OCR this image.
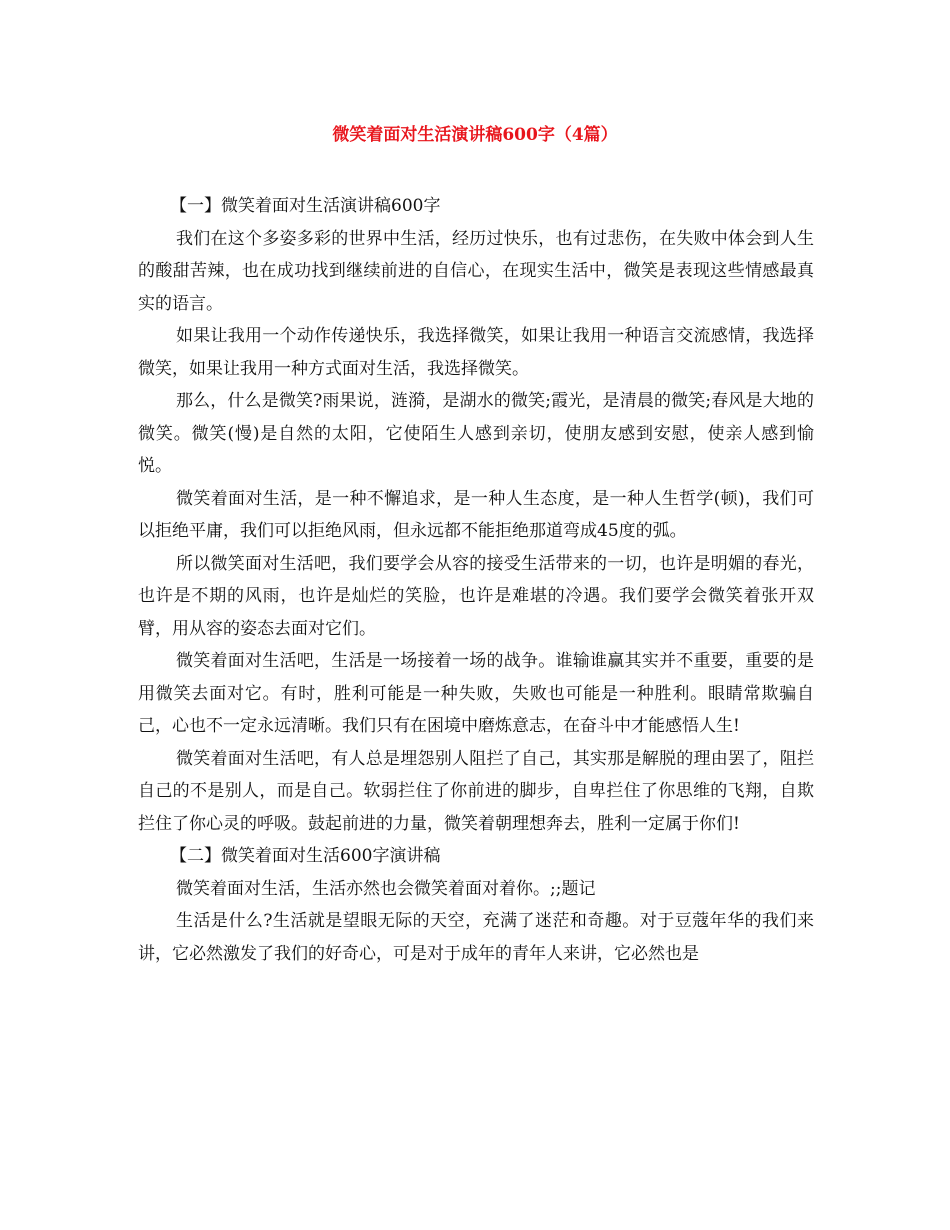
微笑着面对生活演讲稿600字（4篇）

【一】微笑着面对生活演讲稿600字

我们在这个多姿多彩的世界中生活，经历过快乐，也有过悲伤，在失败中体会到人生的酸甜苦辣，也在成功找到继续前进的自信心，在现实生活中，微笑是表现这些情感最真实的语言。

如果让我用一个动作传递快乐，我选择微笑，如果让我用一种语言交流感情，我选择微笑，如果让我用一种方式面对生活，我选择微笑。

那么，什么是微笑?雨果说，涟漪，是湖水的微笑;霞光，是清晨的微笑;春风是大地的微笑。微笑(慢)是自然的太阳，它使陌生人感到亲切，使朋友感到安慰，使亲人感到愉悦。

微笑着面对生活，是一种不懈追求，是一种人生态度，是一种人生哲学(顿)，我们可以拒绝平庸，我们可以拒绝风雨，但永远都不能拒绝那道弯成45度的弧。

所以微笑面对生活吧，我们要学会从容的接受生活带来的一切，也许是明媚的春光，也许是不期的风雨，也许是灿烂的笑脸，也许是难堪的冷遇。我们要学会微笑着张开双臂，用从容的姿态去面对它们。

微笑着面对生活吧，生活是一场接着一场的战争。谁输谁赢其实并不重要，重要的是用微笑去面对它。有时，胜利可能是一种失败，失败也可能是一种胜利。眼睛常欺骗自己，心也不一定永远清晰。我们只有在困境中磨炼意志，在奋斗中才能感悟人生!

微笑着面对生活吧，有人总是埋怨别人阻拦了自己，其实那是解脱的理由罢了，阻拦自己的不是别人，而是自己。软弱拦住了你前进的脚步，自卑拦住了你思维的飞翔，自欺拦住了你心灵的呼吸。鼓起前进的力量，微笑着朝理想奔去，胜利一定属于你们!

【二】微笑着面对生活600字演讲稿

微笑着面对生活，生活亦然也会微笑着面对着你。;;题记

生活是什么?生活就是望眼无际的天空，充满了迷茫和奇趣。对于豆蔻年华的我们来讲，它必然激发了我们的好奇心，可是对于成年的青年人来讲，它必然也是
